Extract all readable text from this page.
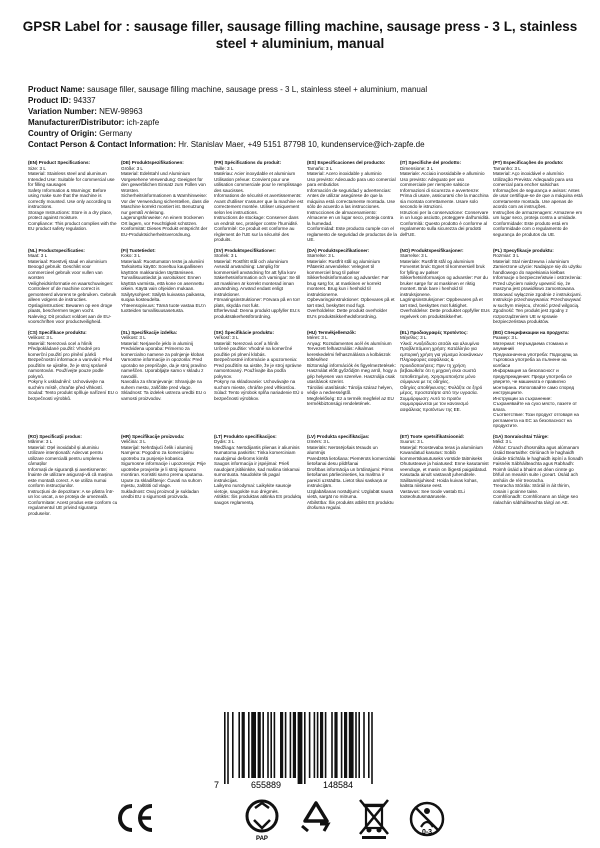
GPSR Label for : sausage filler, sausage filling machine, sausage press - 3 L, stainless steel + aluminium, manual
Product Name: sausage filler, sausage filling machine, sausage press - 3 L, stainless steel + aluminium, manual
Product ID: 94337
Variation Number: NEW-98963
Manufacturer/Distributor: ich-zapfe
Country of Origin: Germany
Contact Person & Contact Information: Hr. Stanislav Maer, +49 5151 87798 10, kundenservice@ich-zapfe.de
(EN) Product Specifications:

Size: 3 L
Material: Stainless steel and aluminum
Intended Use: Suitable for commercial use for filling sausages
Safety Information & Warnings: Before using make sure that the machine is correctly mounted. Use only according to instructions.
Storage Instructions: Store in a dry place, protect against moisture.
Compliance: This product complies with the EU product safety regulation.

(DE) Produktspezifikationen:

Größe: 3 L
Material: Edelstahl und Aluminium
Vorgesehene Verwendung: Geeignet für den gewerblichen Einsatz zum Füllen von Würsten.
Sicherheitsinformationen & Warnhinweise: Vor der Verwendung sicherstellen, dass die Maschine korrekt montiert ist. Benutzung nur gemäß Anleitung.
Lagerungshinweise: An einem trockenen Ort lagern, vor Feuchtigkeit schützen.
Konformität: Dieses Produkt entspricht der EU-Produktsicherheitsverordnung.

(FR) Spécifications du produit:

Taille: 3 L
Matériau: Acier inoxydable et aluminium
Utilisation prévue: Convient pour une utilisation commerciale pour le remplissage des saucisses.
Informations de sécurité et avertissements: Avant d'utiliser s'assurer que la machine est correctement montée. Utiliser uniquement selon les instructions.
Instructions de stockage: Conserver dans un endroit sec, protéger contre l'humidité.
Conformité: Ce produit est conforme au règlement de l'UE sur la sécurité des produits.

(ES) Especificaciones del producto:

Tamaño: 3 L
Material: Acero inoxidable y aluminio
Uso previsto: Adecuado para uso comercial para embutidos
Información de seguridad y advertencias: Antes de utilizar asegúrese de que la máquina está correctamente montada. Use sólo de acuerdo a las instrucciones.
Instrucciones de almacenamiento: Almacene en un lugar seco, proteja contra la humedad.
Conformidad: Este producto cumple con el reglamento de seguridad de productos de la UE.

(IT) Specifiche del prodotto:

Dimensione: 3 L
Materiale: Acciaio inossidabile e alluminio
Uso previsto: Adeguato per uso commerciale per riempire salsicce
Informazioni di sicurezza e avvertenze: Prima di usare, assicurarsi che la macchina sia montata correttamente. Usare solo secondo le istruzioni.
Istruzioni per la conservazione: Conservare in un luogo asciutto, proteggere dall'umidità.
Conformità: Questo prodotto è conforme al regolamento sulla sicurezza dei prodotti dell'UE.

(PT) Especificações do produto:

Tamanho: 3 L
Material: Aço inoxidável e alumínio
Utilização Prevista: Adequado para uso comercial para encher salsichas
Informações de segurança e avisos: Antes de usar certifique-se de que a máquina está corretamente montada. Use apenas de acordo com as instruções.
Instruções de armazenagem: Armazene em um lugar seco, proteja contra a umidade.
Conformidade: Este produto está em conformidade com o regulamento de segurança de produtos da UE.

(NL) Productspecificaties:

Maat: 3 L
Materiaal: Roestvrij staal en aluminium
Beoogd gebruik: Geschikt voor commercieel gebruik voor vullen van worsten
Veiligheidsinformatie en waarschuwingen: Controleer of de machine correct is gemonteerd alvorens te gebruiken. Gebruik alleen volgens de instructies.
Opslaginstructies: Bewaren op een droge plaats, beschermen tegen vocht.
Naleving: Dit product voldoet aan de EU-voorschriften voor productveiligheid.

(FI) Tuotetiedot:

Koko: 3 L
Materiaali: Ruostumaton teräs ja alumiini
Tarkoitettu käyttö: Soveltuu kaupalliseen käyttöön makkaroiden täyttämiseen.
Turvallisuustiedot ja varoitukset: Ennen käyttöä varmista, että kone on asennettu oikein. Käytä vain ohjeiden mukaan.
Säilytysohjeet: Säilytä kuivassa paikassa, suojaa kosteudelta.
Yhteensopivuus: Tämä tuote vastaa EU:n tuotteiden turvallisuusasetusta.

(SV) Produktspecifikationer:

Storlek: 3 L
Material: Rostfritt stål och aluminium
Avsedd användning: Lämplig för kommersiell användning för att fylla korv
Säkerhetsinformation och varningar: Se till att maskinen är korrekt monterad innan användning. Använd endast enligt instruktioner.
Förvaringsinstruktioner: Förvara på en torr plats, skydda mot fukt.
Efterlevnad: Denna produkt uppfyller EU:s produktsäkerhetsförordning.

(DA) Produktspecifikationer:

Størrelse: 3 L
Materiale: Rustfrit stål og aluminium
Påtænkt anvendelse: Velegnet til kommerciel brug til pølser
Sikkerhedsinformation og advarsler: Før brug sørg for, at maskinen er korrekt monteret. Brug kun i henhold til instruktionerne.
Opbevaringsinstruktioner: Opbevares på et tørt sted, beskyttet mod fugt.
Overholdelse: Dette produkt overholder EU's produktsikkerhedsforordning.

(NO) Produktspesifikasjoner:

Størrelse: 3 L
Materiale: Rustfritt stål og aluminium
Forventet bruk: Egnet til kommersiell bruk for fylling av pølser
Sikkerhetsinformasjon og advarsler: Før du bruker sørge for at maskinen er riktig montert. Bruk bare i henhold til instruksjonene.
Lagringsinstruksjoner: Oppbevares på et tørt sted, beskyttes mot fuktighet.
Overholdelse: Dette produktet oppfyller EUs regelverk om produktsikkerhet.

(PL) Specyfikacje produktu:

Rozmiar: 3 L
Materiał: Stal nierdzewna i aluminium
Zamierzone użycie: Nadające się do użytku handlowego do napełniania kiełbas
Informacje o bezpieczeństwie i ostrzeżenia: Przed użyciem należy upewnić się, że maszyna jest prawidłowo zamontowana. Stosować wyłącznie zgodnie z instrukcjami.
Instrukcje przechowywania: Przechowywać w suchym miejscu, chronić przed wilgocią.
Zgodność: Ten produkt jest zgodny z rozporządzeniem UE w sprawie bezpieczeństwa produktów.

(CS) Specifikace produktu:

Velikost: 3 L
Materiál: Nerezová ocel a hliník
Předpokládané použití: Vhodné pro komerční použití pro plnění párků
Bezpečnostní informace a varování: Před použitím se ujistěte, že je stroj správně namontován. Používejte pouze podle pokynů.
Pokyny k uskladnění: Uchovávejte na suchém místě, chraňte před vlhkostí.
Soulad: Tento produkt splňuje nařízení EU o bezpečnosti výrobků.

(SL) Specifikacije izdelka:

Velikost: 3 L
Material: Nerjaveče jeklo in aluminij
Predvidena uporaba: Primerno za komercialno namene za polnjenje klobas
Varnostne informacije in opozorila: Pred uporabo se prepričajte, da je stroj pravilno nameščen. Uporabljajte samo v skladu z navodili.
Navodila za shranjevanje: Shranjujte na suhem mestu, zaščitite pred vlago.
Skladnost: Ta izdelek ustreza uredbi EU o varnosti proizvodov.

(SK) Špecifikácie produktu:

Veľkosť: 3 L
Materiál: Nerezová oceľ a hliník
Určené použitie: Vhodné na komerčné použitie pri plnení klobás.
Bezpečnostné informácie a upozornenia: Pred použitím sa uistite, že je stroj správne namontovaný. Používajte iba podľa pokynov.
Pokyny na skladovanie: Uchovávajte na suchom mieste, chráňte pred vlhkosťou.
Súlad: Tento výrobok spĺňa nariadenie EÚ o bezpečnosti výrobkov.

(HU) Termékjellemzők:

Méret: 3 L
Anyag: Rozsdamentes acél és alumínium
Tervezett felhasználás: Alkalmas kereskedelmi felhasználásra a kolbászok töltéséhez
Biztonsági információk és figyelmeztetések: Használat előtt győződjön meg arról, hogy a gép helyesen van szerelve. Használja csak utasítások szerint.
Tárolási utasítások: Tárolja száraz helyen, védje a nedvességtől.
Megfelelőség: Ez a termék megfelel az EU termékbiztonsági rendeletének.

(EL) Προδιαγραφές προϊόντος:

Μέγεθος: 3 L
Υλικό: Ανοξείδωτο ατσάλι και αλουμίνιο
Προβλεπόμενη χρήση: Κατάλληλο για εμπορική χρήση για γέμισμα λουκάνικων
Πληροφορίες ασφάλειας & προειδοποιήσεις: Πριν τη χρήση βεβαιωθείτε ότι η μηχανή είναι σωστά τοποθετημένη. Χρησιμοποιήστε μόνο σύμφωνα με τις οδηγίες.
Οδηγίες αποθήκευσης: Φυλάξτε σε ξηρό μέρος, προστατέψτε από την υγρασία.
Συμμόρφωση: Αυτό το προϊόν συμμορφώνεται με τον κανονισμό ασφάλειας προϊόντων της ΕΕ.

(BG) Спецификации на продукта:

Размер: 3 L
Материал: Неръждаема стомана и алуминий
Предназначена употреба: Подходящ за търговска употреба за пълнене на колбаси
Информация за безопасност и предупреждения: Преди употреба се уверете, че машината е правилно монтирана. Използвайте само според инструкциите.
Инструкции за съхранение: Съхранявайте на сухо място, пазете от влага.
Съответствие: Този продукт отговаря на регламента на ЕС за безопасност на продуктите.

(RO) Specificații produs:

Mărime: 3 L
Material: Oțel inoxidabil și aluminiu
Utilizare intenționată: Adecvat pentru utilizare comercială pentru umplerea cârnaților
Informații de siguranță și avertismente: Înainte de utilizare asigurați-vă că mașina este montată corect. A se utiliza numai conform instrucțiunilor.
Instrucțiuni de depozitare: A se păstra într-un loc uscat, a se proteja de umezeală.
Conformitate: Acest produs este conform cu regulamentul UE privind siguranța produselor.

(HR) Specifikacije proizvoda:

Veličina: 3 L
Materijal: Nehrđajući čelik i aluminij
Namjena: Pogodno za komercijalnu upotrebu za punjenje kobasica
Sigurnosne informacije i upozorenja: Prije upotrebe provjerite je li stroj ispravno montiran. Koristiti samo prema uputama.
Upute za skladištenje: Čuvati na suhom mjestu, zaštititi od vlage.
Sukladnost: Ovaj proizvod je sukladan uredbi EU o sigurnosti proizvoda.

(LT) Produkto specifikacijos:

Dydis: 3 L
Medžiaga: Nerūdijantis plienas ir aliuminis
Numatoma paskirtis: Tinka komerciniam naudojimui dešroms kimšti
Saugos informacija ir įspėjimai: Prieš naudojant įsitikinkite, kad mašina tinkamai sumontuota. Naudokite tik pagal instrukcijas.
Laikymo nurodymai: Laikykite sausoje vietoje, saugokite nuo drėgmės.
Atitiktis: Šis produktas atitinka ES produktų saugos reglamentą.

(LV) Produkta specifikācijas:

Izmērs: 3 L
Materiāls: Nerūsējošais tērauds un alumīnijs
Paredzētā lietošana: Piemērots komerciālai lietošanai desu pildīšanai
Drošības informācija un brīdinājumi: Pirms lietošanas pārliecinieties, ka mašīna ir pareizi uzstādīta. Lietot tikai saskaņā ar instrukcijām.
Uzglabāšanas norādījumi: Uzglabāt sausā vietā, sargāt no mitruma.
Atbilstība: Šis produkts atbilst ES produktu drošuma regulai.

(ET) Toote spetsifikatsioonid:

Suurus: 3 L
Materjal: Roostevaba teras ja alumiinium
Kavandatud kasutus: Sobib kommertskasutuseks vorstide täitmiseks
Ohutusteave ja hoiatused: Enne kasutamist veenduge, et masin on õigesti paigaldatud. Kasutada ainult vastavalt juhenditele.
Säilitamisjuhised: Hoida kuivas kohas, kaitsta niiskuse eest.
Vastavus: See toode vastab ELi tooteohutusmäärusele.

(GA) Sonraíochtaí Táirge:

Méid: 3 L
Ábhar: Cruach dhosmálta agus alúmanam
Úsáid Beartaithe: Oiriúnach le haghaidh úsáide tráchtála le haghaidh ispíní a líonadh
Faisnéis Sábháilteachta agus Rabhadh: Roimh úsáid a bhaint as déan cinnte go bhfuil an meaisín suite i gceart. Úsáid ach amháin de réir treoracha.
Treoracha Stórála: Stóráil in áit thirim, cosain i gcoinne taise.
Comhlíonadh: Comhlíonann an táirge seo rialachán sábháilteachta táirgí an AE.

7	655889	148584
PAP
0-3
